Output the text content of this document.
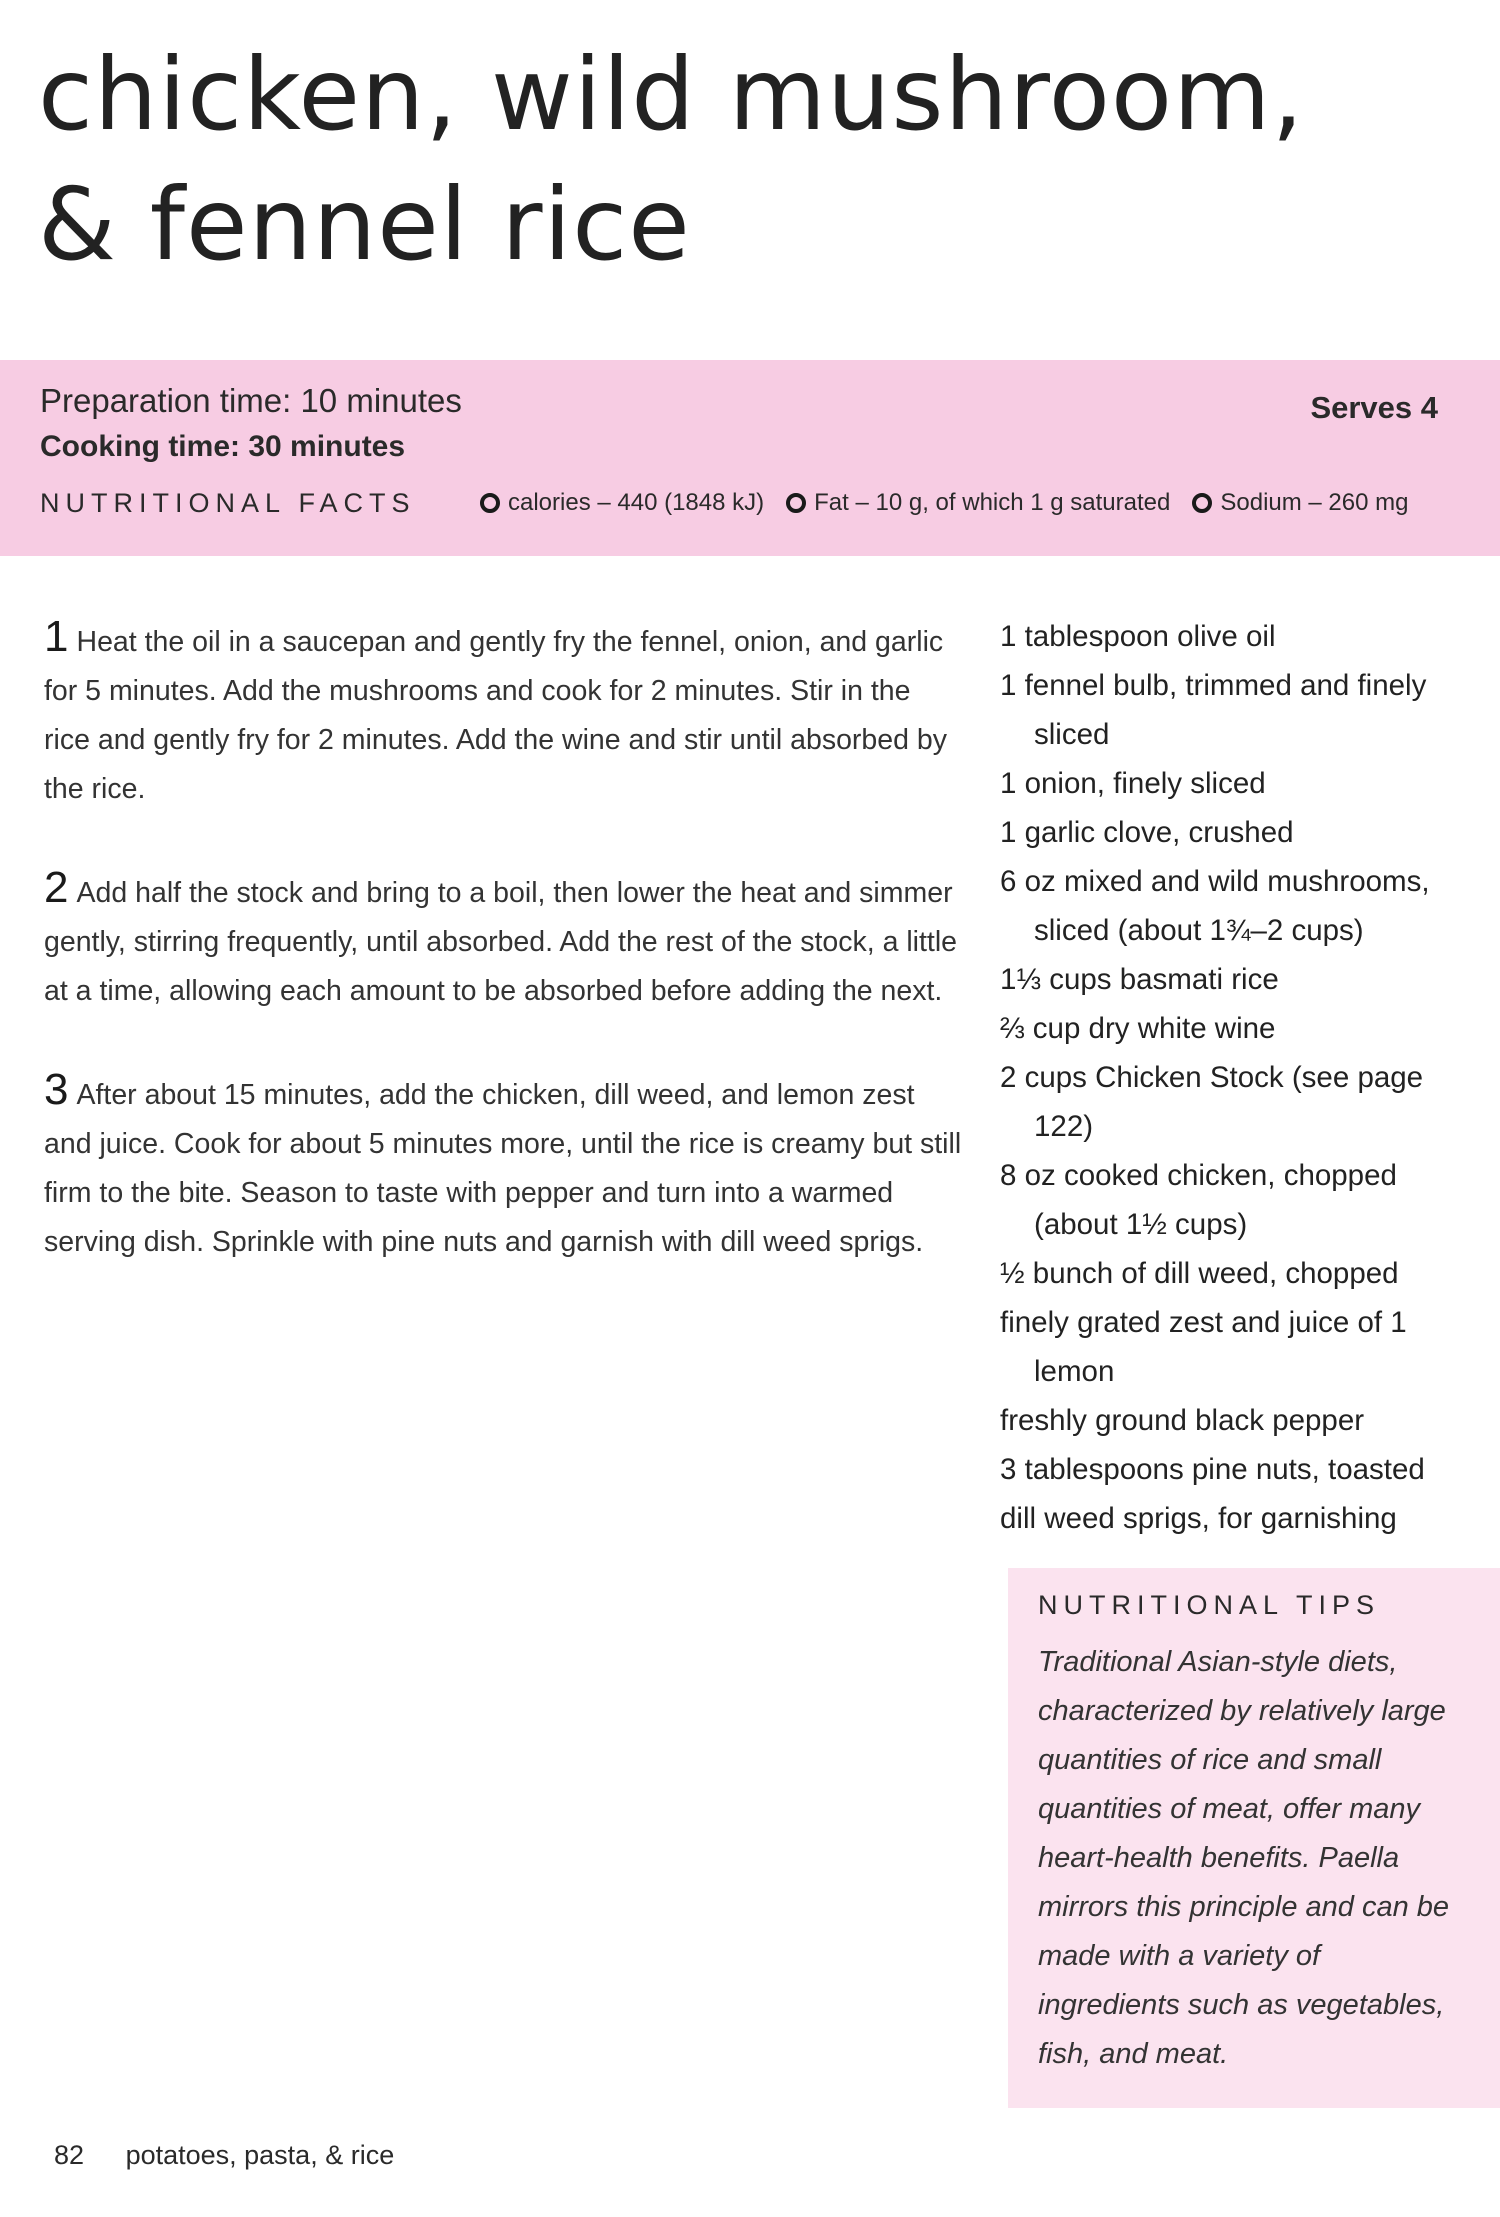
chicken, wild mushroom,
& fennel rice
Preparation time: 10 minutes
Cooking time: 30 minutes
Serves 4
NUTRITIONAL FACTS	calories – 440 (1848 kJ) Fat – 10 g, of which 1 g saturated Sodium – 260 mg

1 Heat the oil in a saucepan and gently fry the fennel, onion, and garlic for 5 minutes. Add the mushrooms and cook for 2 minutes. Stir in the rice and gently fry for 2 minutes. Add the wine and stir until absorbed by the rice.

2 Add half the stock and bring to a boil, then lower the heat and simmer gently, stirring frequently, until absorbed. Add the rest of the stock, a little at a time, allowing each amount to be absorbed before adding the next.

3 After about 15 minutes, add the chicken, dill weed, and lemon zest and juice. Cook for about 5 minutes more, until the rice is creamy but still firm to the bite. Season to taste with pepper and turn into a warmed serving dish. Sprinkle with pine nuts and garnish with dill weed sprigs.

1 tablespoon olive oil
1 fennel bulb, trimmed and finely sliced
1 onion, finely sliced
1 garlic clove, crushed
6 oz mixed and wild mushrooms, sliced (about 1¾–2 cups)
1⅓ cups basmati rice
⅔ cup dry white wine
2 cups Chicken Stock (see page 122)
8 oz cooked chicken, chopped (about 1½ cups)
½ bunch of dill weed, chopped
finely grated zest and juice of 1 lemon
freshly ground black pepper
3 tablespoons pine nuts, toasted
dill weed sprigs, for garnishing
NUTRITIONAL TIPS

Traditional Asian-style diets, characterized by relatively large quantities of rice and small quantities of meat, offer many heart-health benefits. Paella mirrors this principle and can be made with a variety of ingredients such as vegetables, fish, and meat.

82 potatoes, pasta, & rice
